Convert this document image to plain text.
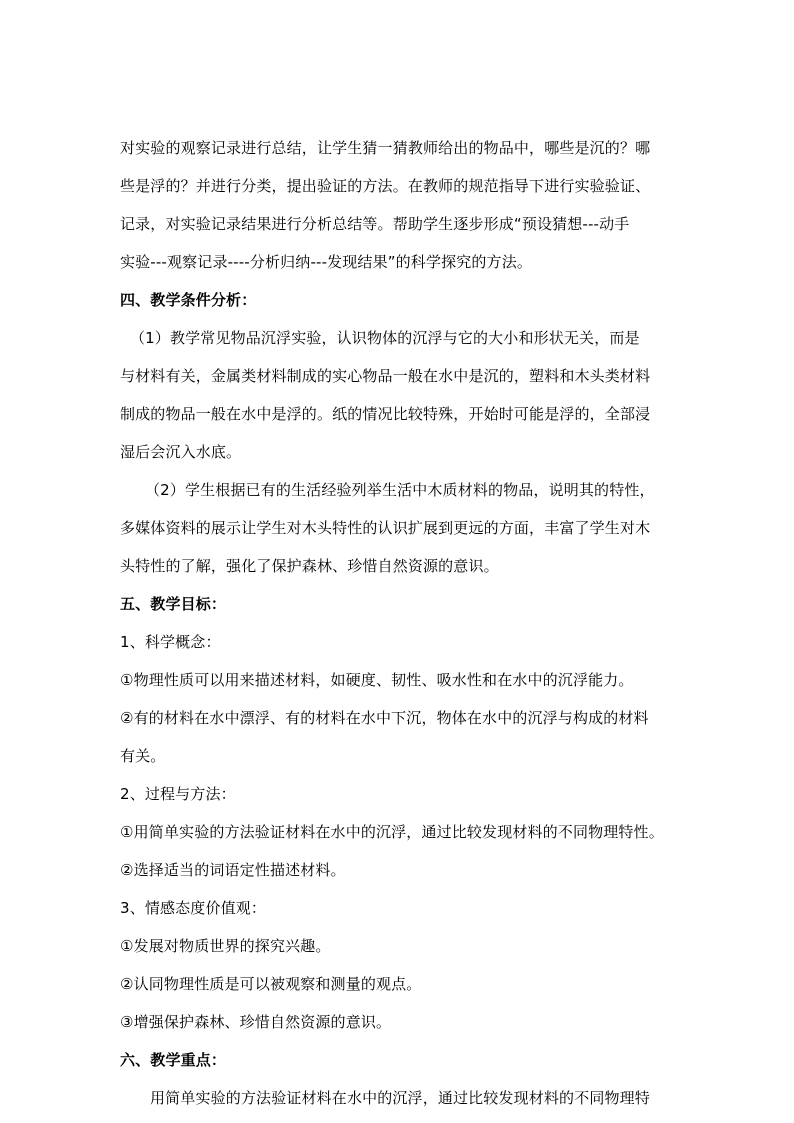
对实验的观察记录进行总结，让学生猜一猜教师给出的物品中，哪些是沉的？哪
些是浮的？并进行分类，提出验证的方法。在教师的规范指导下进行实验验证、
记录，对实验记录结果进行分析总结等。帮助学生逐步形成“预设猜想---动手
实验---观察记录----分析归纳---发现结果”的科学探究的方法。
四、教学条件分析：
（1）教学常见物品沉浮实验，认识物体的沉浮与它的大小和形状无关，而是
与材料有关，金属类材料制成的实心物品一般在水中是沉的，塑料和木头类材料
制成的物品一般在水中是浮的。纸的情况比较特殊，开始时可能是浮的，全部浸
湿后会沉入水底。
（2）学生根据已有的生活经验列举生活中木质材料的物品，说明其的特性，
多媒体资料的展示让学生对木头特性的认识扩展到更远的方面，丰富了学生对木
头特性的了解，强化了保护森林、珍惜自然资源的意识。
五、教学目标：
1、科学概念：
①物理性质可以用来描述材料，如硬度、韧性、吸水性和在水中的沉浮能力。
②有的材料在水中漂浮、有的材料在水中下沉，物体在水中的沉浮与构成的材料
有关。
2、过程与方法：
①用简单实验的方法验证材料在水中的沉浮，通过比较发现材料的不同物理特性。
②选择适当的词语定性描述材料。
3、情感态度价值观：
①发展对物质世界的探究兴趣。
②认同物理性质是可以被观察和测量的观点。
③增强保护森林、珍惜自然资源的意识。
六、教学重点：
用简单实验的方法验证材料在水中的沉浮，通过比较发现材料的不同物理特
